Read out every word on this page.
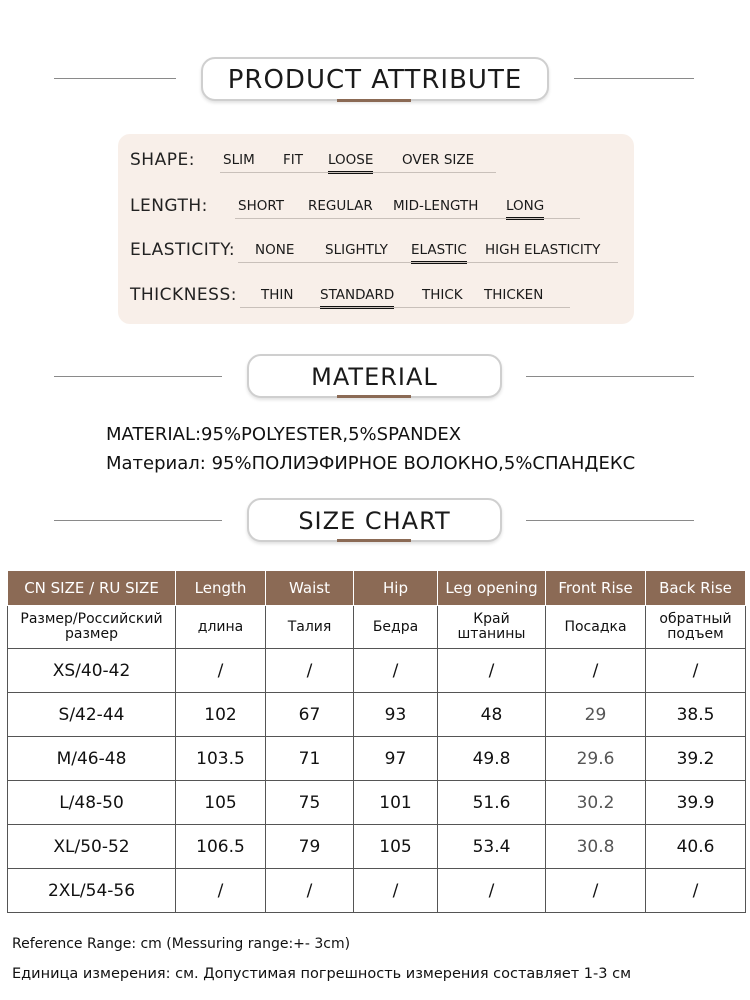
PRODUCT ATTRIBUTE
SHAPE: SLIM FIT LOOSE OVER SIZE
LENGTH: SHORT REGULAR MID-LENGTH LONG
ELASTICITY: NONE SLIGHTLY ELASTIC HIGH ELASTICITY
THICKNESS: THIN STANDARD THICK THICKEN
MATERIAL
MATERIAL:95%POLYESTER,5%SPANDEX
Материал: 95%ПОЛИЭФИРНОЕ ВОЛОКНО,5%СПАНДЕКС
SIZE CHART
CN SIZE / RU SIZE	Length	Waist	Hip	Leg opening	Front Rise	Back Rise
Размер/Российский размер	длина	Талия	Бедра	Край штанины	Посадка	обратный подъем
XS/40-42	/	/	/	/	/	/
S/42-44	102	67	93	48	29	38.5
M/46-48	103.5	71	97	49.8	29.6	39.2
L/48-50	105	75	101	51.6	30.2	39.9
XL/50-52	106.5	79	105	53.4	30.8	40.6
2XL/54-56	/	/	/	/	/	/
Reference Range: cm (Messuring range:+- 3cm)
Единица измерения: см. Допустимая погрешность измерения составляет 1-3 см
